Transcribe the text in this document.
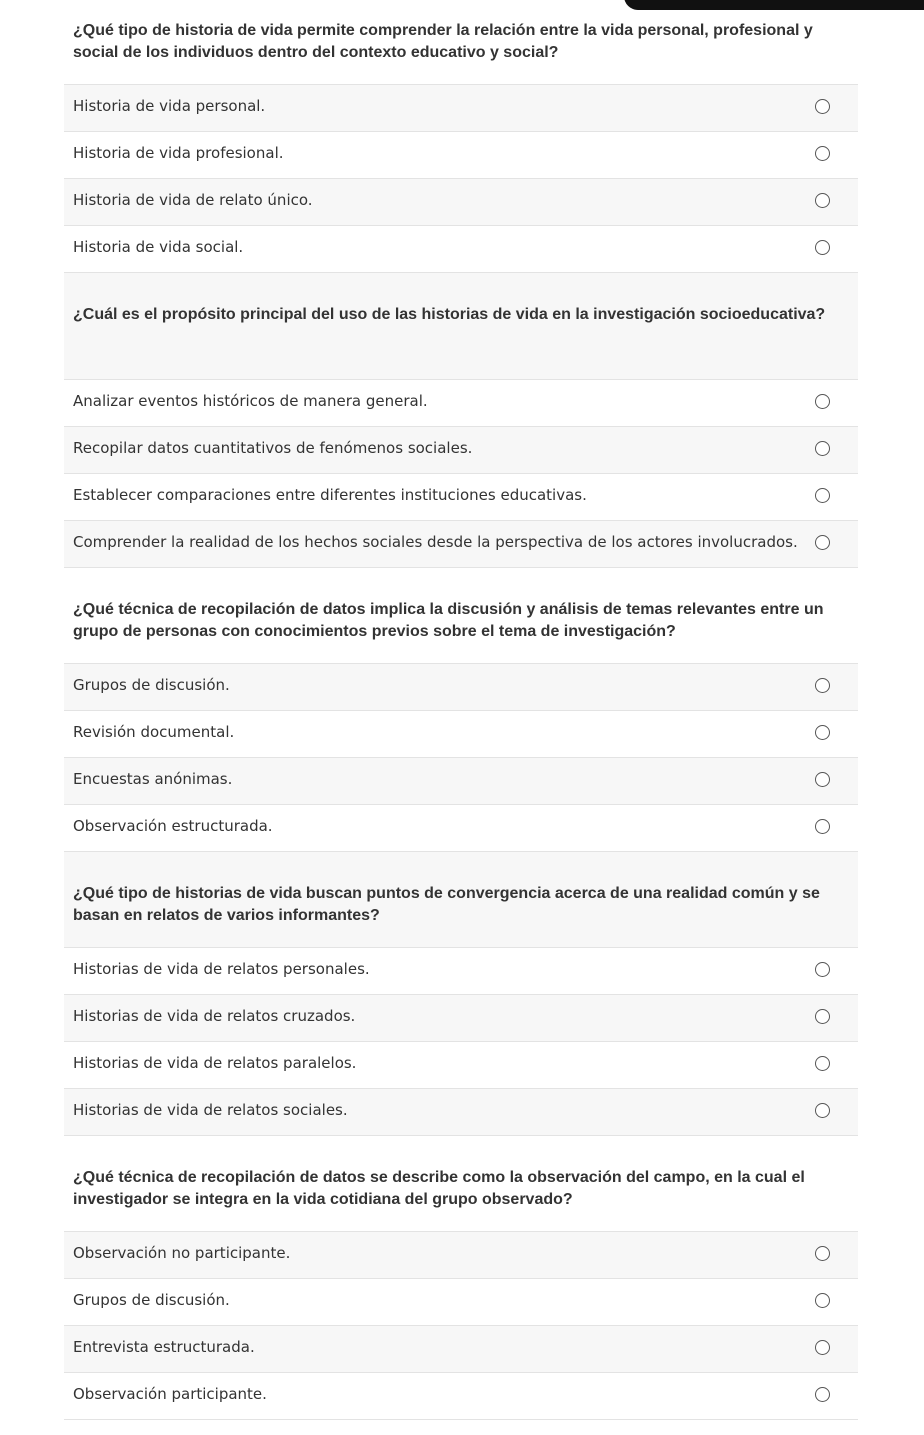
¿Qué tipo de historia de vida permite comprender la relación entre la vida personal, profesional y social de los individuos dentro del contexto educativo y social?
Historia de vida personal.
Historia de vida profesional.
Historia de vida de relato único.
Historia de vida social.
¿Cuál es el propósito principal del uso de las historias de vida en la investigación socioeducativa?
Analizar eventos históricos de manera general.
Recopilar datos cuantitativos de fenómenos sociales.
Establecer comparaciones entre diferentes instituciones educativas.
Comprender la realidad de los hechos sociales desde la perspectiva de los actores involucrados.
¿Qué técnica de recopilación de datos implica la discusión y análisis de temas relevantes entre un grupo de personas con conocimientos previos sobre el tema de investigación?
Grupos de discusión.
Revisión documental.
Encuestas anónimas.
Observación estructurada.
¿Qué tipo de historias de vida buscan puntos de convergencia acerca de una realidad común y se basan en relatos de varios informantes?
Historias de vida de relatos personales.
Historias de vida de relatos cruzados.
Historias de vida de relatos paralelos.
Historias de vida de relatos sociales.
¿Qué técnica de recopilación de datos se describe como la observación del campo, en la cual el investigador se integra en la vida cotidiana del grupo observado?
Observación no participante.
Grupos de discusión.
Entrevista estructurada.
Observación participante.
